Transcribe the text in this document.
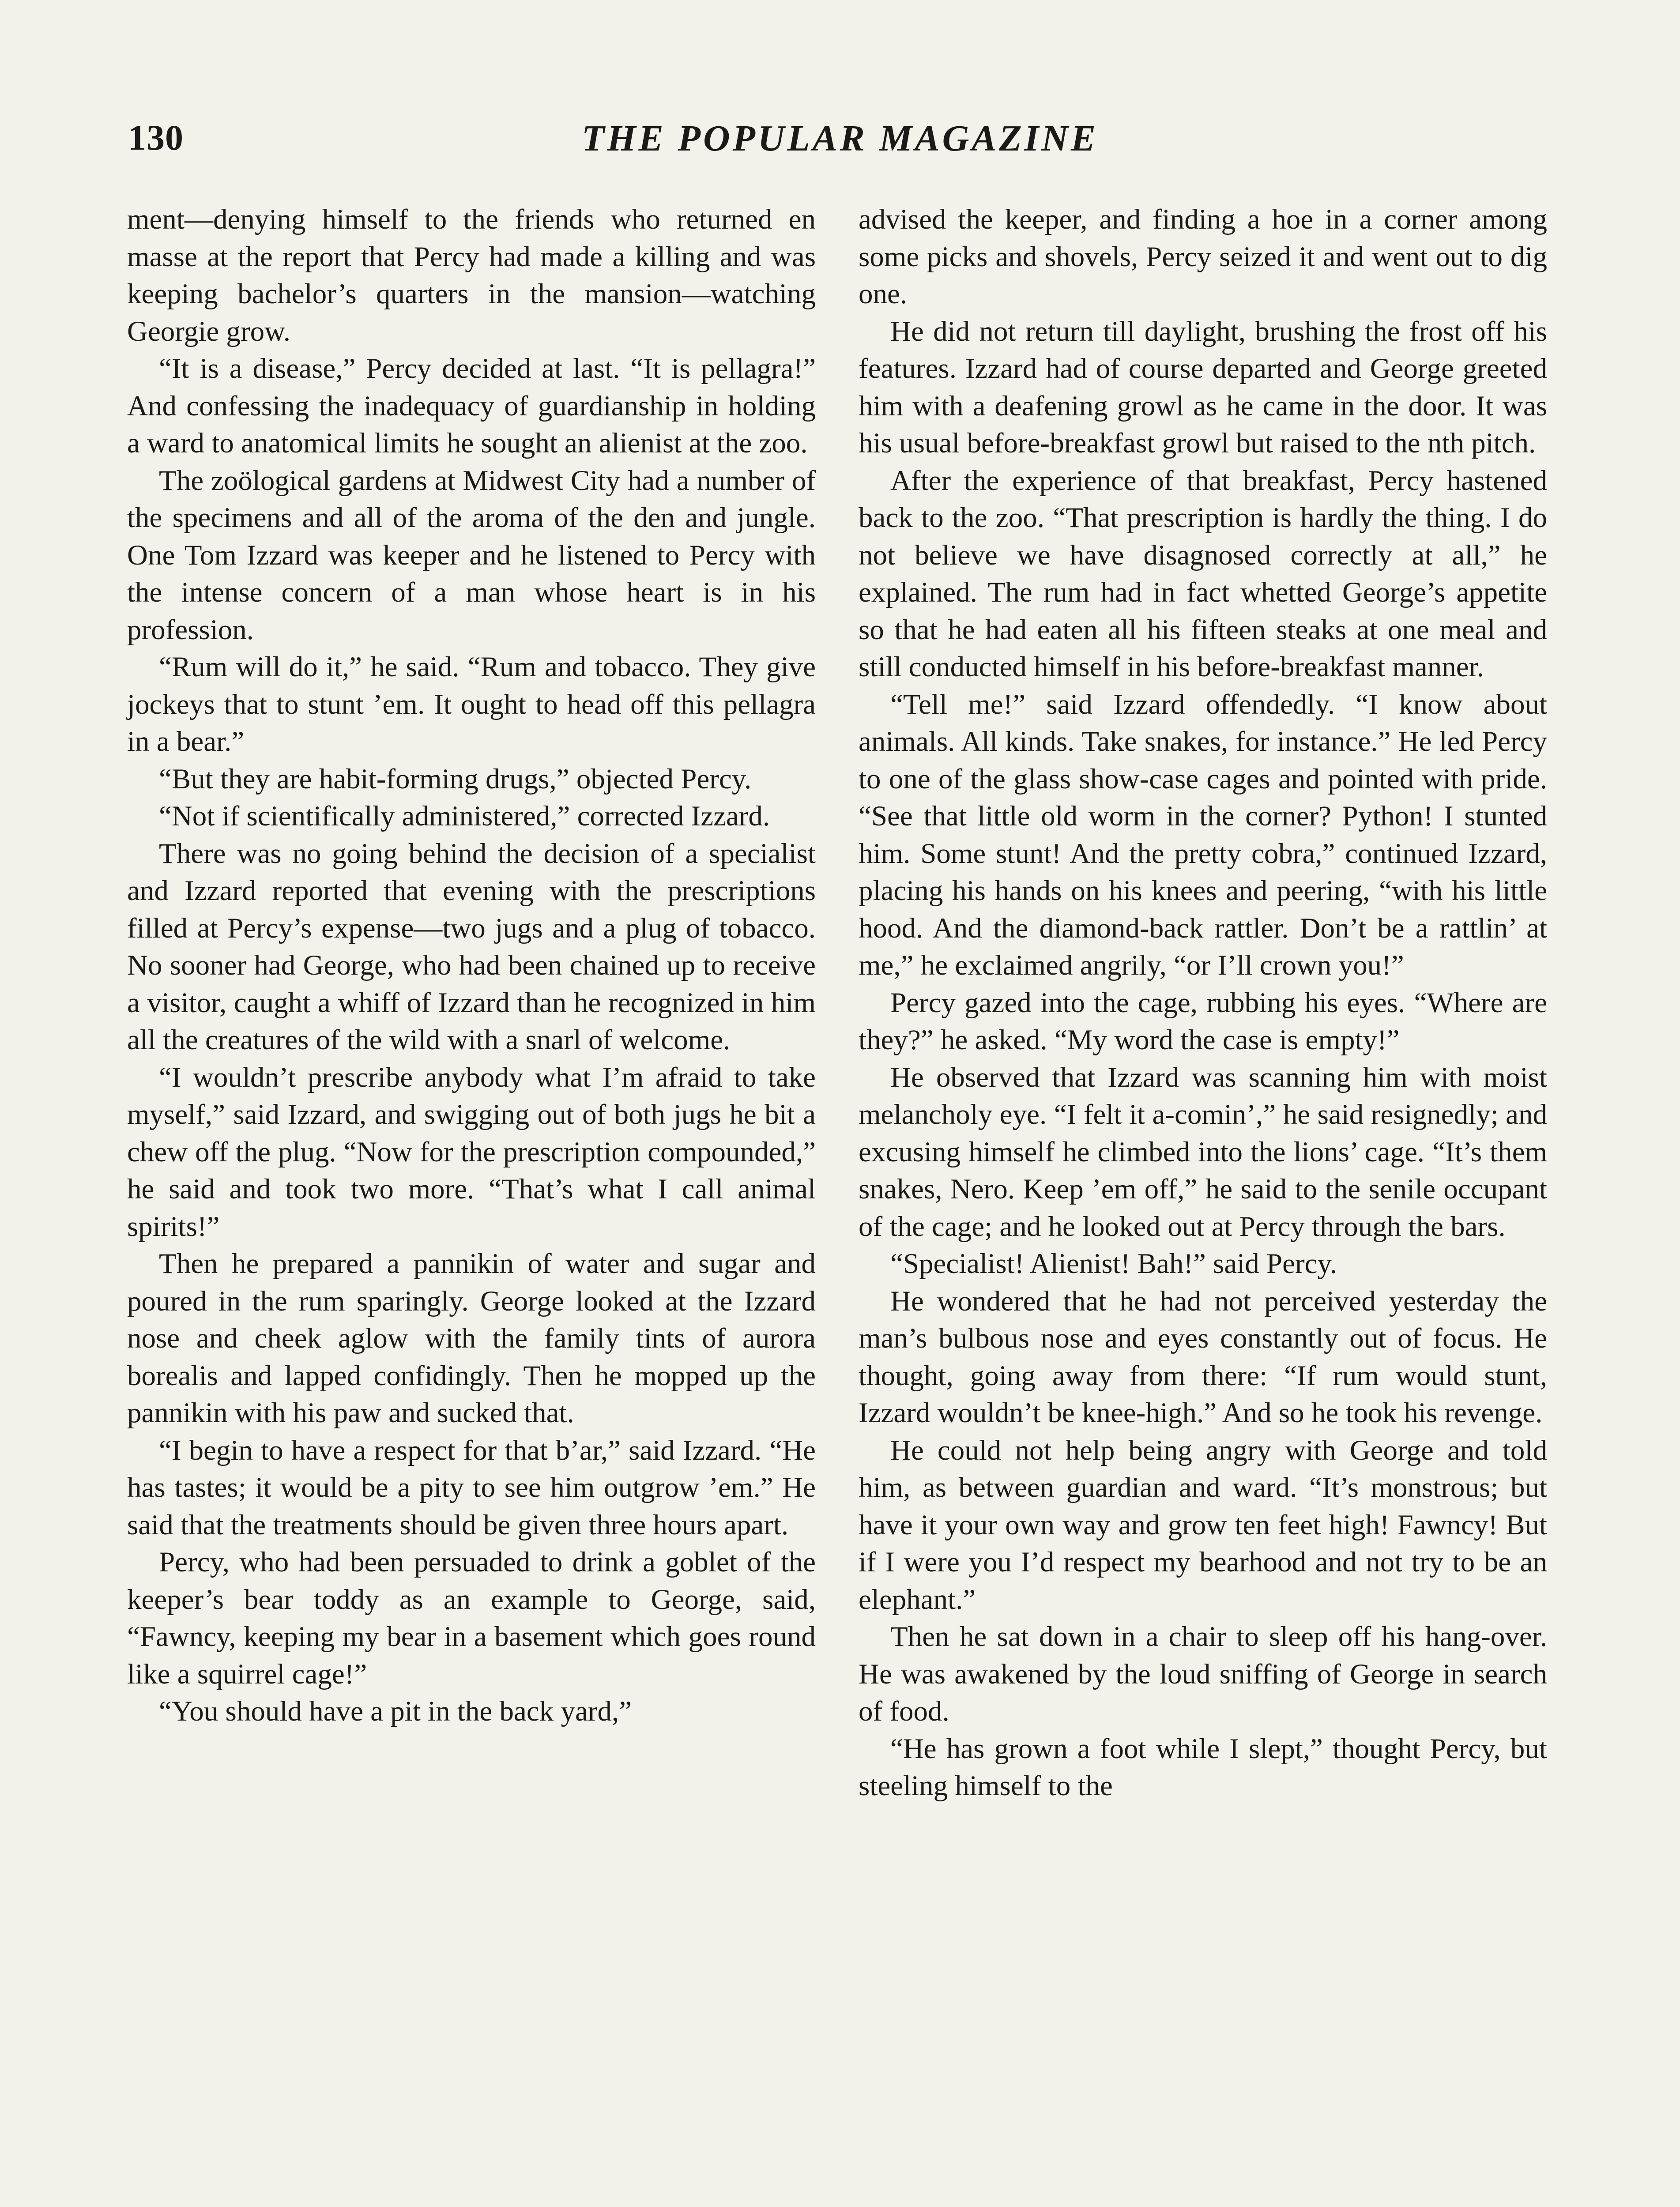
130	THE POPULAR MAGAZINE

ment—denying himself to the friends who returned en masse at the report that Percy had made a killing and was keeping bachelor’s quarters in the mansion—watching Georgie grow.

“It is a disease,” Percy decided at last. “It is pellagra!” And confessing the inadequacy of guardianship in holding a ward to anatomical limits he sought an alienist at the zoo.

The zoölogical gardens at Midwest City had a number of the specimens and all of the aroma of the den and jungle. One Tom Izzard was keeper and he listened to Percy with the intense concern of a man whose heart is in his profession.

“Rum will do it,” he said. “Rum and tobacco. They give jockeys that to stunt ’em. It ought to head off this pellagra in a bear.”

“But they are habit-forming drugs,” objected Percy.

“Not if scientifically administered,” corrected Izzard.

There was no going behind the decision of a specialist and Izzard reported that evening with the prescriptions filled at Percy’s expense—two jugs and a plug of tobacco. No sooner had George, who had been chained up to receive a visitor, caught a whiff of Izzard than he recognized in him all the creatures of the wild with a snarl of welcome.

“I wouldn’t prescribe anybody what I’m afraid to take myself,” said Izzard, and swigging out of both jugs he bit a chew off the plug. “Now for the prescription compounded,” he said and took two more. “That’s what I call animal spirits!”

Then he prepared a pannikin of water and sugar and poured in the rum sparingly. George looked at the Izzard nose and cheek aglow with the family tints of aurora borealis and lapped confidingly. Then he mopped up the pannikin with his paw and sucked that.

“I begin to have a respect for that b’ar,” said Izzard. “He has tastes; it would be a pity to see him outgrow ’em.” He said that the treatments should be given three hours apart.

Percy, who had been persuaded to drink a goblet of the keeper’s bear toddy as an example to George, said, “Fawncy, keeping my bear in a basement which goes round like a squirrel cage!”

“You should have a pit in the back yard,”

advised the keeper, and finding a hoe in a corner among some picks and shovels, Percy seized it and went out to dig one.

He did not return till daylight, brushing the frost off his features. Izzard had of course departed and George greeted him with a deafening growl as he came in the door. It was his usual before-breakfast growl but raised to the nth pitch.

After the experience of that breakfast, Percy hastened back to the zoo. “That prescription is hardly the thing. I do not believe we have disagnosed correctly at all,” he explained. The rum had in fact whetted George’s appetite so that he had eaten all his fifteen steaks at one meal and still conducted himself in his before-breakfast manner.

“Tell me!” said Izzard offendedly. “I know about animals. All kinds. Take snakes, for instance.” He led Percy to one of the glass show-case cages and pointed with pride. “See that little old worm in the corner? Python! I stunted him. Some stunt! And the pretty cobra,” continued Izzard, placing his hands on his knees and peering, “with his little hood. And the diamond-back rattler. Don’t be a rattlin’ at me,” he exclaimed angrily, “or I’ll crown you!”

Percy gazed into the cage, rubbing his eyes. “Where are they?” he asked. “My word the case is empty!”

He observed that Izzard was scanning him with moist melancholy eye. “I felt it a-comin’,” he said resignedly; and excusing himself he climbed into the lions’ cage. “It’s them snakes, Nero. Keep ’em off,” he said to the senile occupant of the cage; and he looked out at Percy through the bars.

“Specialist! Alienist! Bah!” said Percy.

He wondered that he had not perceived yesterday the man’s bulbous nose and eyes constantly out of focus. He thought, going away from there: “If rum would stunt, Izzard wouldn’t be knee-high.” And so he took his revenge.

He could not help being angry with George and told him, as between guardian and ward. “It’s monstrous; but have it your own way and grow ten feet high! Fawncy! But if I were you I’d respect my bearhood and not try to be an elephant.”

Then he sat down in a chair to sleep off his hang-over. He was awakened by the loud sniffing of George in search of food.

“He has grown a foot while I slept,” thought Percy, but steeling himself to the
